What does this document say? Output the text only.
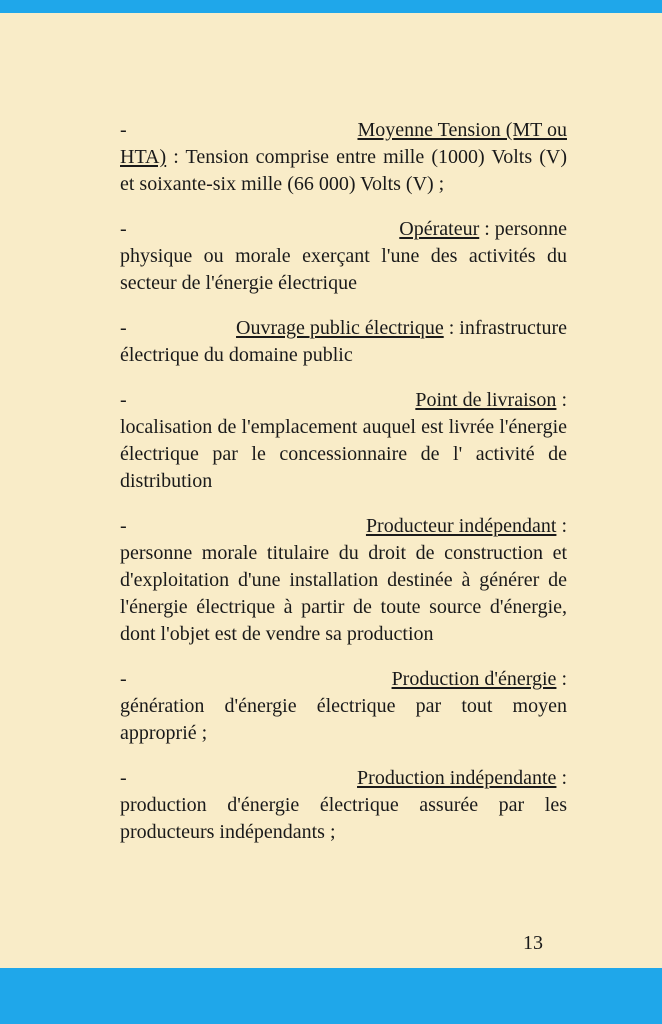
-	Moyenne Tension (MT ou
HTA) : Tension comprise entre mille (1000) Volts (V) et soixante-six mille (66 000) Volts (V) ;
-	Opérateur : personne
physique ou morale exerçant l'une des activités du secteur de l'énergie électrique
-	Ouvrage public électrique : infrastructure
électrique du domaine public
-	Point de livraison :
localisation de l'emplacement auquel est livrée l'énergie électrique par le concessionnaire de l' activité de distribution
-	Producteur indépendant :
personne morale titulaire du droit de construction et d'exploitation d'une installation destinée à générer de l'énergie électrique à partir de toute source d'énergie, dont l'objet est de vendre sa production
-	Production d'énergie :
génération d'énergie électrique par tout moyen approprié ;
-	Production indépendante :
production d'énergie électrique assurée par les producteurs indépendants ;
13
